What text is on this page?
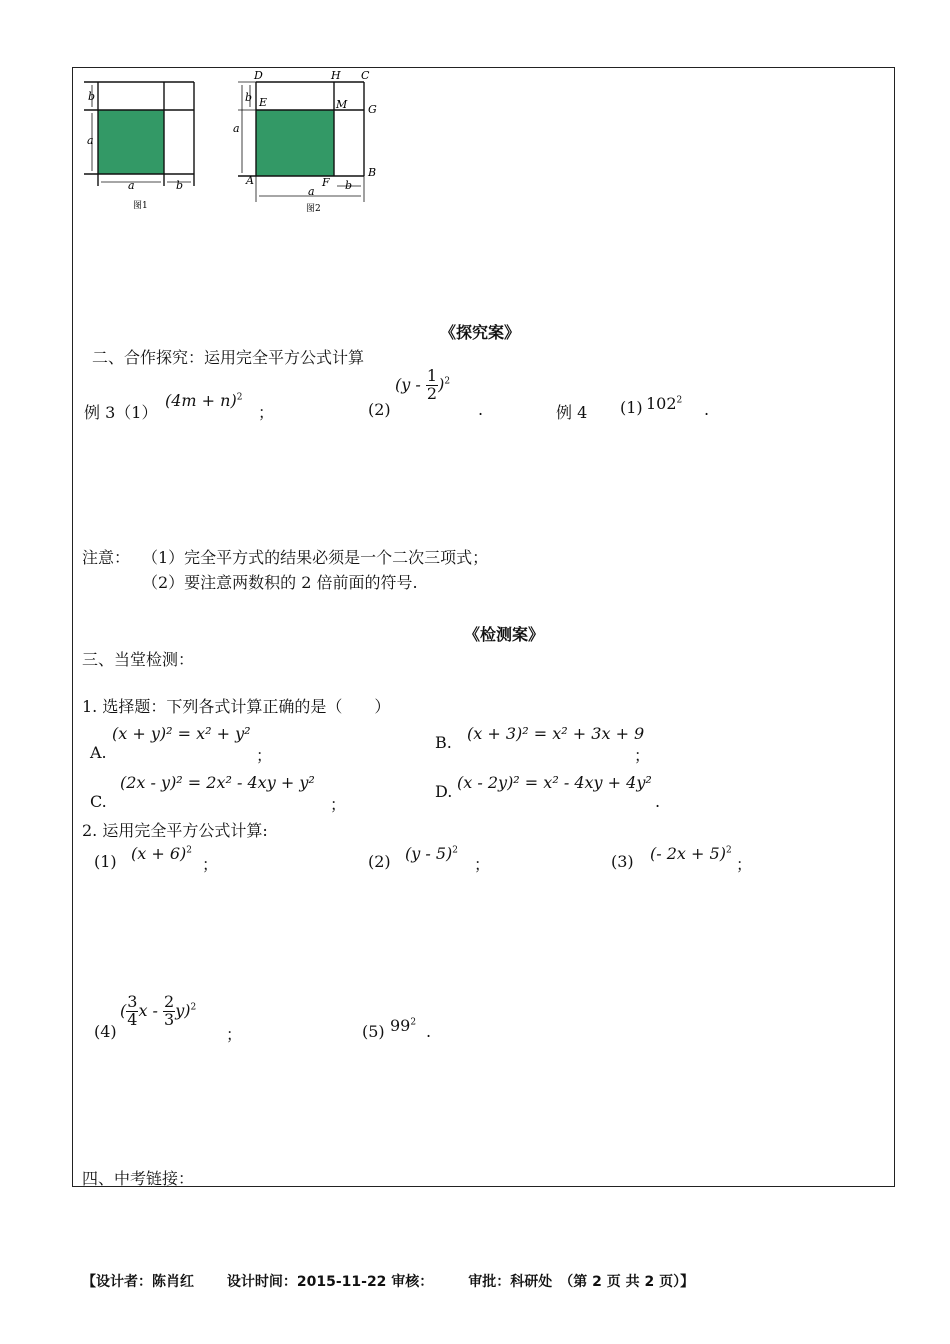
b
a
a	b
图1
D	H C
E	M G
A	F
B
b
a
a	b
图2
《探究案》
二、合作探究：运用完全平方公式计算
例 3（1）
$(4m + n)^2$
；	(2)
$(y - \frac{1}{2} )^2$
.	例 4 (1) $102^2$ .
注意： （1）完全平方式的结果必须是一个二次三项式；
（2）要注意两数积的 2 倍前面的符号.
《检测案》
三、当堂检测：
1. 选择题：下列各式计算正确的是（　　）
A.
(x + y)² = x² + y²
；
B. (x + 3)² = x² + 3x + 9
；
C.
(2x - y)² = 2x² - 4xy + y²
；
D. (x - 2y)² = x² - 4xy + 4y²
.
2. 运用完全平方公式计算:
(1) $(x + 6)^2$
；	(2) (y - 5)$^2$
；	(3) (- 2x + 5)$^2$
；
(4)
( $\frac{3}{4}$ x - $\frac{2}{3} y)^2$
；	(5) $99^2$ .
四、中考链接：
【设计者：陈肖红　　 设计时间：2015-11-22 审核：　　　审批：科研处　（第 2 页 共 2 页）】
